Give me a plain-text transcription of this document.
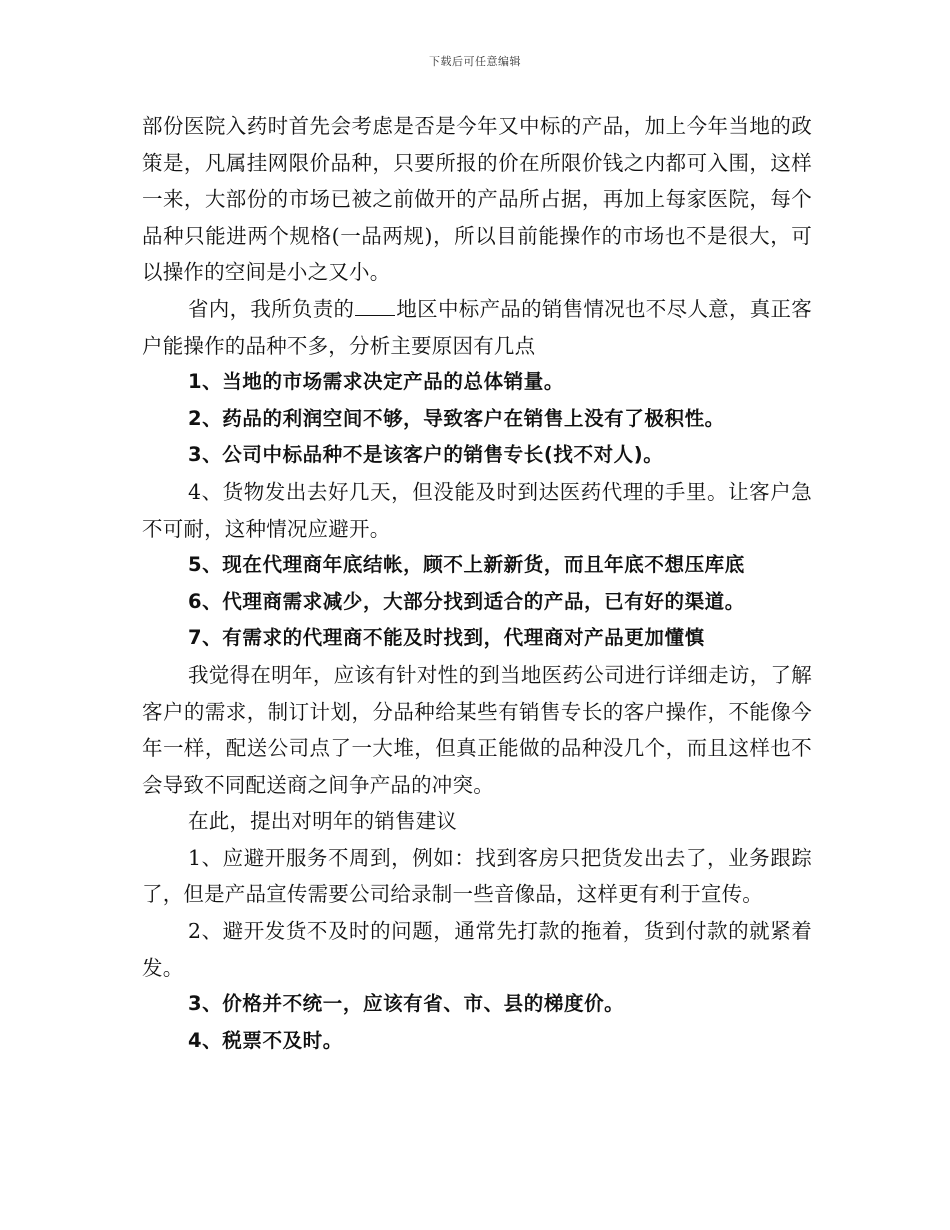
下载后可任意编辑

部份医院入药时首先会考虑是否是今年又中标的产品，加上今年当地的政策是，凡属挂网限价品种，只要所报的价在所限价钱之内都可入围，这样一来，大部份的市场已被之前做开的产品所占据，再加上每家医院，每个品种只能进两个规格(一品两规)，所以目前能操作的市场也不是很大，可以操作的空间是小之又小。

省内，我所负责的 地区中标产品的销售情况也不尽人意，真正客户能操作的品种不多，分析主要原因有几点

1、当地的市场需求决定产品的总体销量。

2、药品的利润空间不够，导致客户在销售上没有了极积性。

3、公司中标品种不是该客户的销售专长(找不对人)。

4、货物发出去好几天，但没能及时到达医药代理的手里。让客户急不可耐，这种情况应避开。

5、现在代理商年底结帐，顾不上新新货，而且年底不想压库底

6、代理商需求减少，大部分找到适合的产品，已有好的渠道。

7、有需求的代理商不能及时找到，代理商对产品更加懂慎

我觉得在明年，应该有针对性的到当地医药公司进行详细走访，了解客户的需求，制订计划，分品种给某些有销售专长的客户操作，不能像今年一样，配送公司点了一大堆，但真正能做的品种没几个，而且这样也不会导致不同配送商之间争产品的冲突。

在此，提出对明年的销售建议

1、应避开服务不周到，例如：找到客房只把货发出去了，业务跟踪了，但是产品宣传需要公司给录制一些音像品，这样更有利于宣传。

2、避开发货不及时的问题，通常先打款的拖着，货到付款的就紧着发。

3、价格并不统一，应该有省、市、县的梯度价。

4、税票不及时。
